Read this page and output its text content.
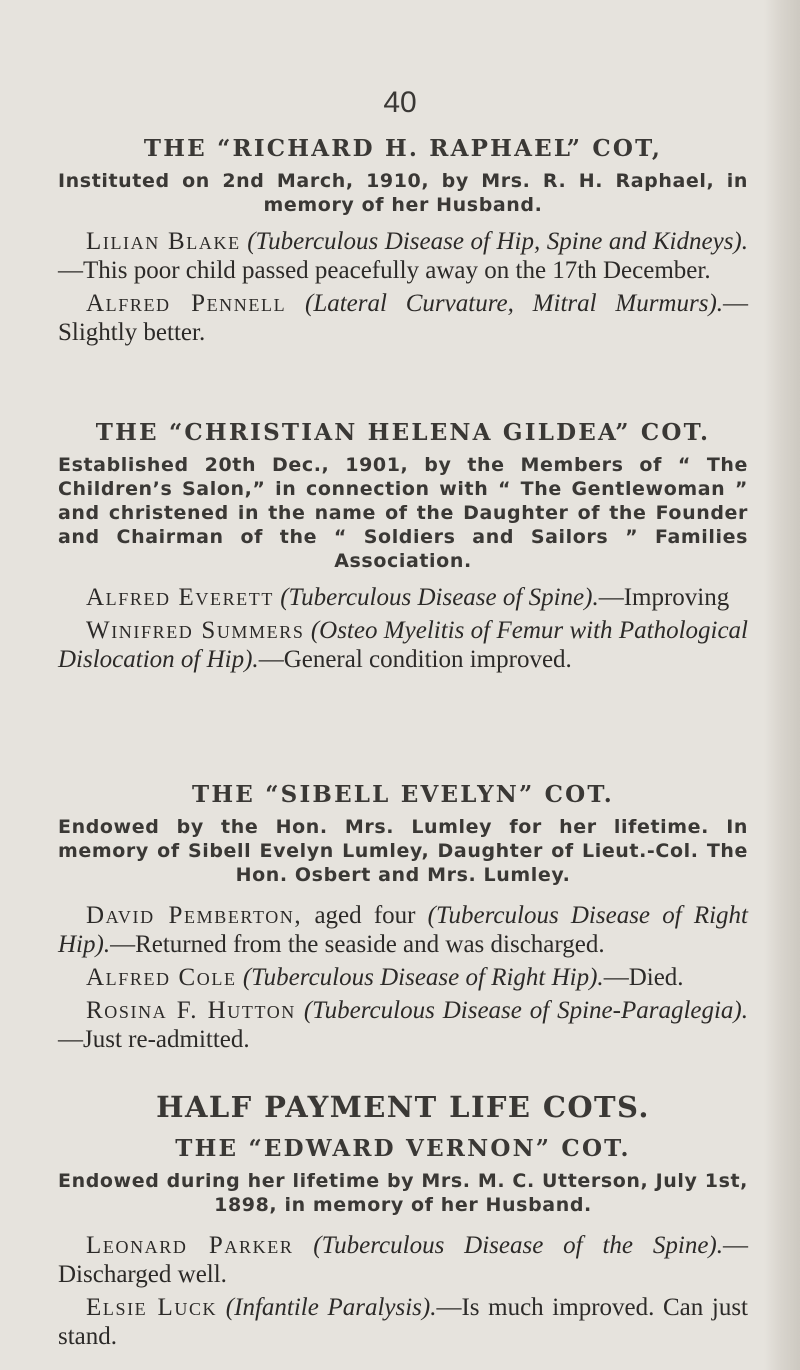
40
THE “RICHARD H. RAPHAEL” COT,

Instituted on 2nd March, 1910, by Mrs. R. H. Raphael, in memory of her Husband.

Lilian Blake (Tuberculous Disease of Hip, Spine and Kidneys).—This poor child passed peacefully away on the 17th December.

Alfred Pennell (Lateral Curvature, Mitral Murmurs).—Slightly better.

THE “CHRISTIAN HELENA GILDEA” COT.

Established 20th Dec., 1901, by the Members of “ The Children’s Salon,” in connection with “ The Gentlewoman ” and christened in the name of the Daughter of the Founder and Chairman of the “ Soldiers and Sailors ” Families Association.

Alfred Everett (Tuberculous Disease of Spine).—Improving

Winifred Summers (Osteo Myelitis of Femur with Pathological Dislocation of Hip).—General condition improved.

THE “SIBELL EVELYN” COT.

Endowed by the Hon. Mrs. Lumley for her lifetime. In memory of Sibell Evelyn Lumley, Daughter of Lieut.-Col. The Hon. Osbert and Mrs. Lumley.

David Pemberton, aged four (Tuberculous Disease of Right Hip).—Returned from the seaside and was discharged.

Alfred Cole (Tuberculous Disease of Right Hip).—Died.

Rosina F. Hutton (Tuberculous Disease of Spine-Paraglegia).—Just re-admitted.

HALF PAYMENT LIFE COTS.
THE “EDWARD VERNON” COT.

Endowed during her lifetime by Mrs. M. C. Utterson, July 1st, 1898, in memory of her Husband.

Leonard Parker (Tuberculous Disease of the Spine).—Discharged well.

Elsie Luck (Infantile Paralysis).—Is much improved. Can just stand.
